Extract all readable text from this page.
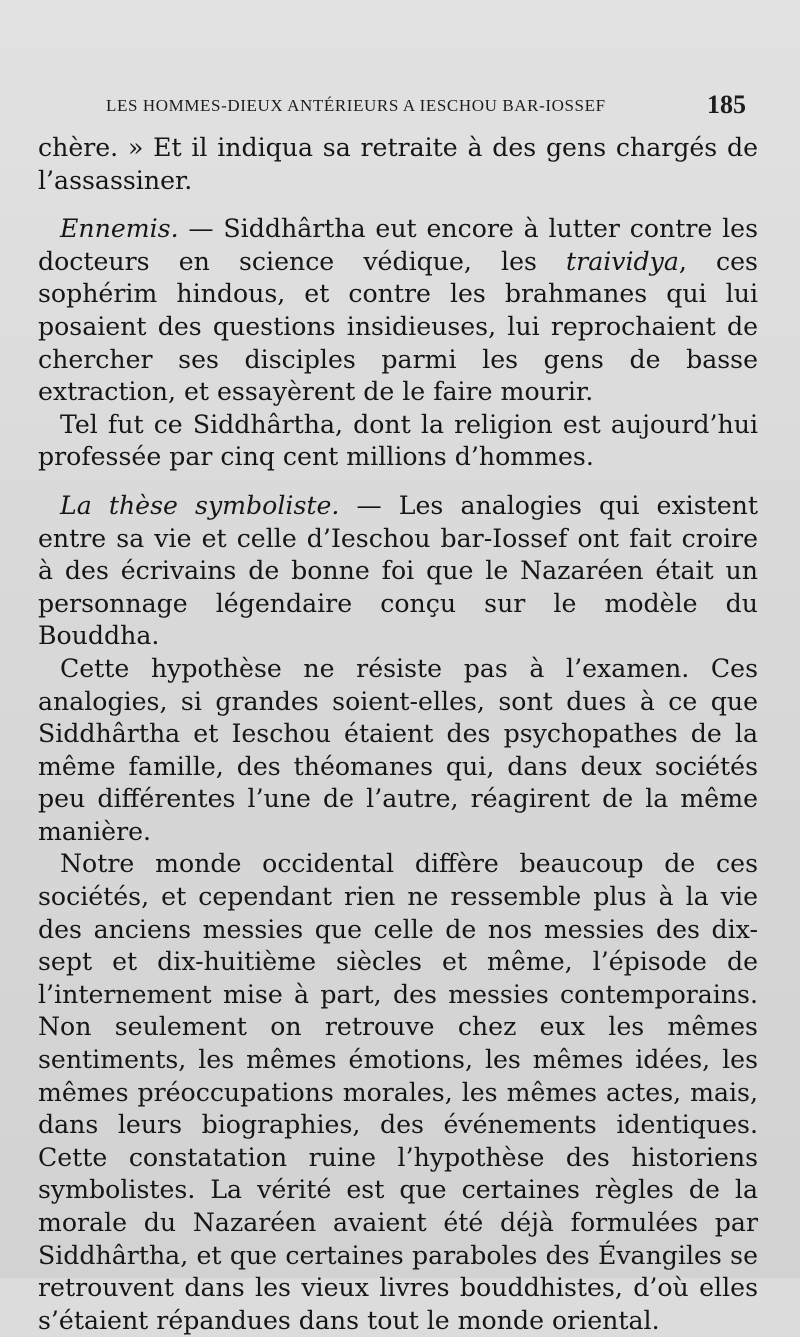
LES HOMMES-DIEUX ANTÉRIEURS A IESCHOU BAR-IOSSEF	185

chère. » Et il indiqua sa retraite à des gens chargés de l’assassiner.

Ennemis. — Siddhârtha eut encore à lutter contre les docteurs en science védique, les traividya, ces sophérim hindous, et contre les brahmanes qui lui posaient des questions insidieuses, lui reprochaient de chercher ses disciples parmi les gens de basse extraction, et essayèrent de le faire mourir.

Tel fut ce Siddhârtha, dont la religion est aujourd’hui professée par cinq cent millions d’hommes.

La thèse symboliste. — Les analogies qui existent entre sa vie et celle d’Ieschou bar-Iossef ont fait croire à des écrivains de bonne foi que le Nazaréen était un personnage légendaire conçu sur le modèle du Bouddha.

Cette hypothèse ne résiste pas à l’examen. Ces analogies, si grandes soient-elles, sont dues à ce que Siddhârtha et Ieschou étaient des psychopathes de la même famille, des théomanes qui, dans deux sociétés peu différentes l’une de l’autre, réagirent de la même manière.

Notre monde occidental diffère beaucoup de ces sociétés, et cependant rien ne ressemble plus à la vie des anciens messies que celle de nos messies des dix-sept et dix-huitième siècles et même, l’épisode de l’internement mise à part, des messies contemporains. Non seulement on retrouve chez eux les mêmes sentiments, les mêmes émotions, les mêmes idées, les mêmes préoccupations morales, les mêmes actes, mais, dans leurs biographies, des événements identiques. Cette constatation ruine l’hypothèse des historiens symbolistes. La vérité est que certaines règles de la morale du Nazaréen avaient été déjà formulées par Siddhârtha, et que certaines paraboles des Évangiles se retrouvent dans les vieux livres bouddhistes, d’où elles s’étaient répandues dans tout le monde oriental.
